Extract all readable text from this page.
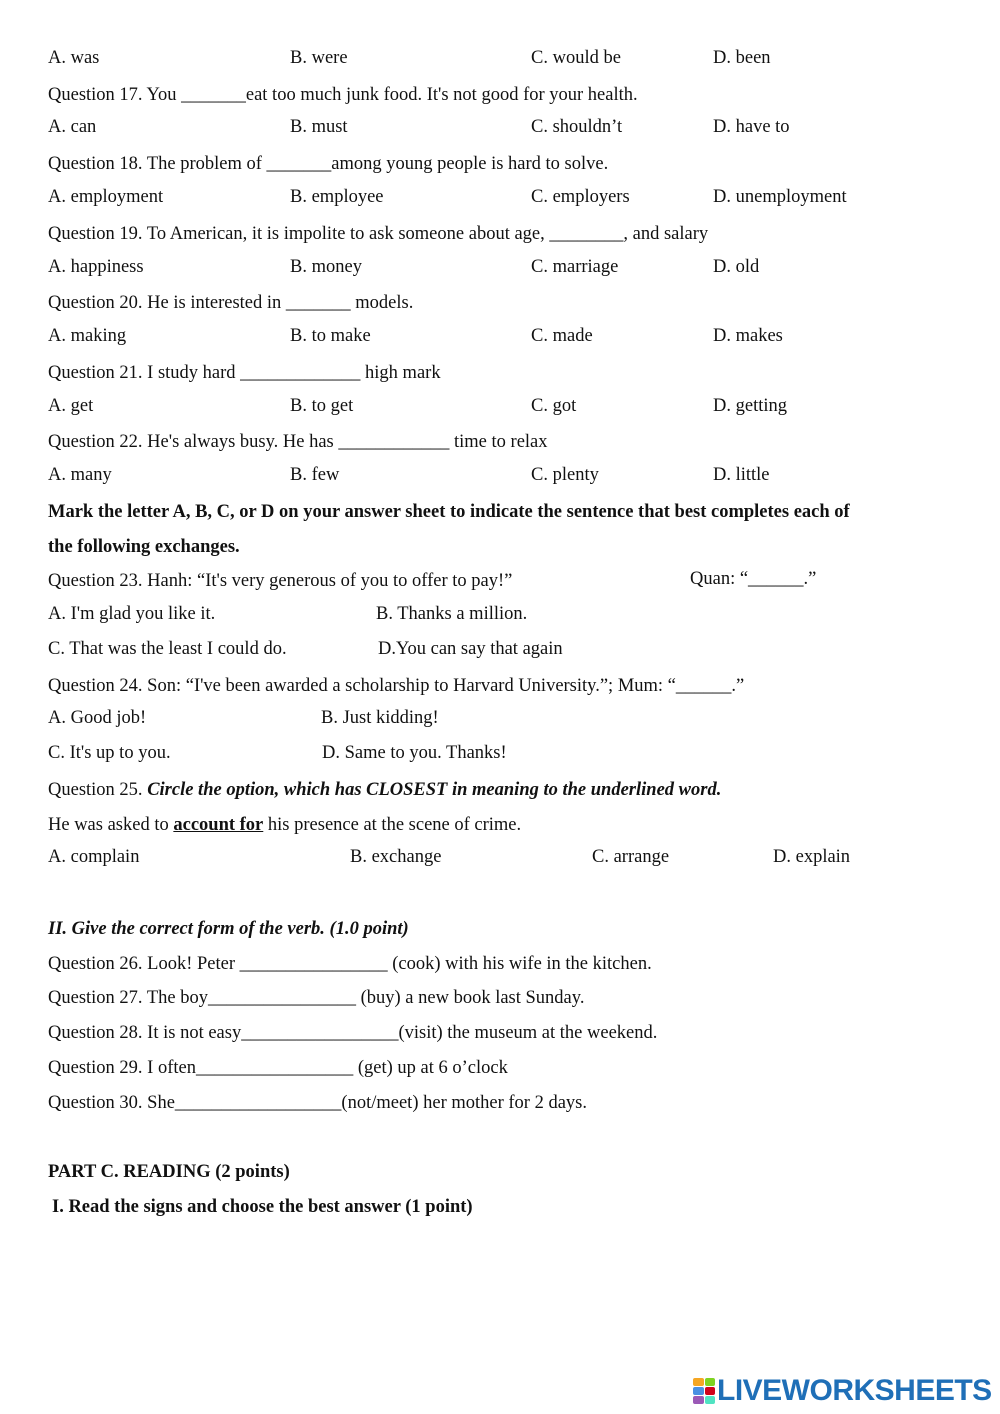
A. was	B. were	C. would be	D. been
Question 17. You _______eat too much junk food. It's not good for your health.
A. can	B. must	C. shouldn’t	D. have to
Question 18. The problem of _______among young people is hard to solve.
A. employment	B. employee	C. employers	D. unemployment
Question 19. To American, it is impolite to ask someone about age, ________, and salary
A. happiness	B. money	C. marriage	D. old
Question 20. He is interested in _______ models.
A. making	B. to make	C. made	D. makes
Question 21. I study hard _____________ high mark
A. get	B. to get	C. got	D. getting
Question 22. He's always busy. He has ____________ time to relax
A. many	B. few	C. plenty	D. little
Mark the letter A, B, C, or D on your answer sheet to indicate the sentence that best completes each of
the following exchanges.
Question 23. Hanh: “It's very generous of you to offer to pay!”	Quan: “______.”
A. I'm glad you like it.	B. Thanks a million.
C. That was the least I could do.	D.You can say that again
Question 24. Son: “I've been awarded a scholarship to Harvard University.”; Mum: “______.”
A. Good job!	B. Just kidding!
C. It's up to you.	D. Same to you. Thanks!
Question 25. Circle the option, which has CLOSEST in meaning to the underlined word.
He was asked to account for his presence at the scene of crime.
A. complain	B. exchange	C. arrange	D. explain
II. Give the correct form of the verb. (1.0 point)
Question 26. Look! Peter ________________ (cook) with his wife in the kitchen.
Question 27. The boy________________ (buy) a new book last Sunday.
Question 28. It is not easy_________________(visit) the museum at the weekend.
Question 29. I often_________________ (get) up at 6 o’clock
Question 30. She__________________(not/meet) her mother for 2 days.
PART C. READING (2 points)
I. Read the signs and choose the best answer (1 point)
LIVEWORKSHEETS
